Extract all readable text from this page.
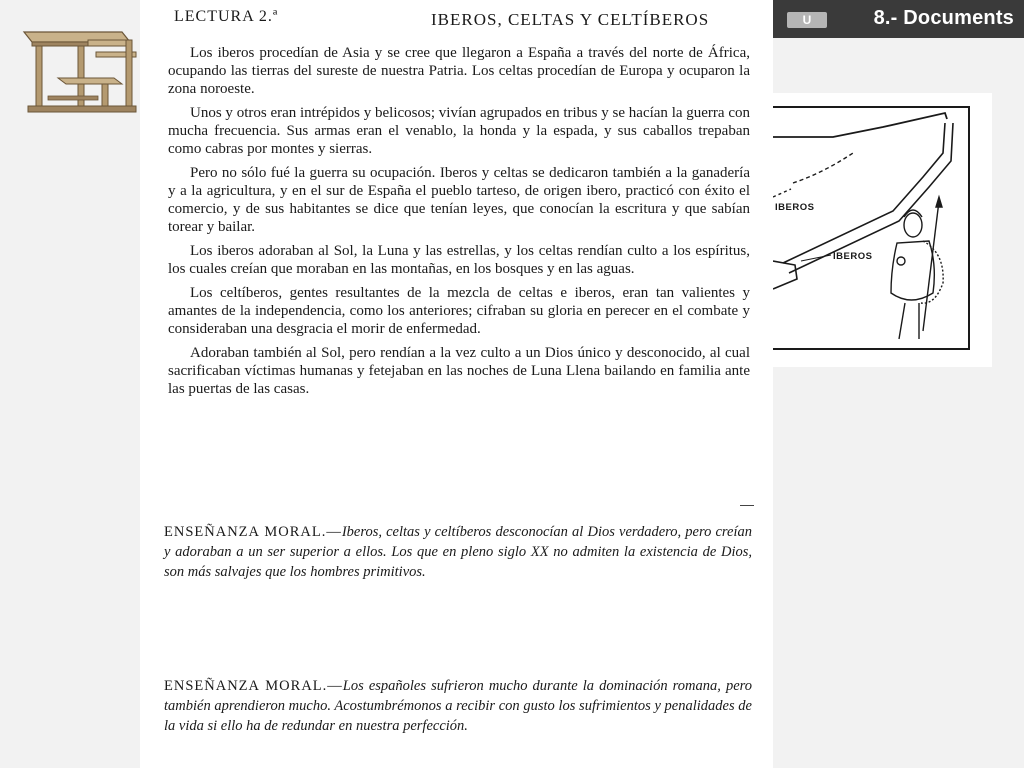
U	8.- Documents
LECTURA 2.ª	IBEROS, CELTAS Y CELTÍBEROS

Los iberos procedían de Asia y se cree que llegaron a España a través del norte de África, ocupando las tierras del sureste de nuestra Patria. Los celtas procedían de Europa y ocuparon la zona noroeste.

Unos y otros eran intrépidos y belicosos; vivían agrupados en tribus y se hacían la guerra con mucha frecuencia. Sus armas eran el venablo, la honda y la espada, y sus caballos trepaban como cabras por montes y sierras.

Pero no sólo fué la guerra su ocupación. Iberos y celtas se dedicaron también a la ganadería y a la agricultura, y en el sur de España el pueblo tarteso, de origen ibero, practicó con éxito el comercio, y de sus habitantes se dice que tenían leyes, que conocían la escritura y que sabían torear y bailar.

Los iberos adoraban al Sol, la Luna y las estrellas, y los celtas rendían culto a los espíritus, los cuales creían que moraban en las montañas, en los bosques y en las aguas.

Los celtíberos, gentes resultantes de la mezcla de celtas e iberos, eran tan valientes y amantes de la independencia, como los anteriores; cifraban su gloria en perecer en el combate y consideraban una desgracia el morir de enfermedad.

Adoraban también al Sol, pero rendían a la vez culto a un Dios único y desconocido, al cual sacrificaban víctimas humanas y fetejaban en las noches de Luna Llena bailando en familia ante las puertas de las casas.

ENSEÑANZA MORAL.—Iberos, celtas y celtíberos desconocían al Dios verdadero, pero creían y adoraban a un ser superior a ellos. Los que en pleno siglo XX no admiten la existencia de Dios, son más salvajes que los hombres primitivos.
ENSEÑANZA MORAL.—Los españoles sufrieron mucho durante la dominación romana, pero también aprendieron mucho. Acostumbrémonos a recibir con gusto los sufrimientos y penalidades de la vida si ello ha de redundar en nuestra perfección.
IBEROS
IBEROS
